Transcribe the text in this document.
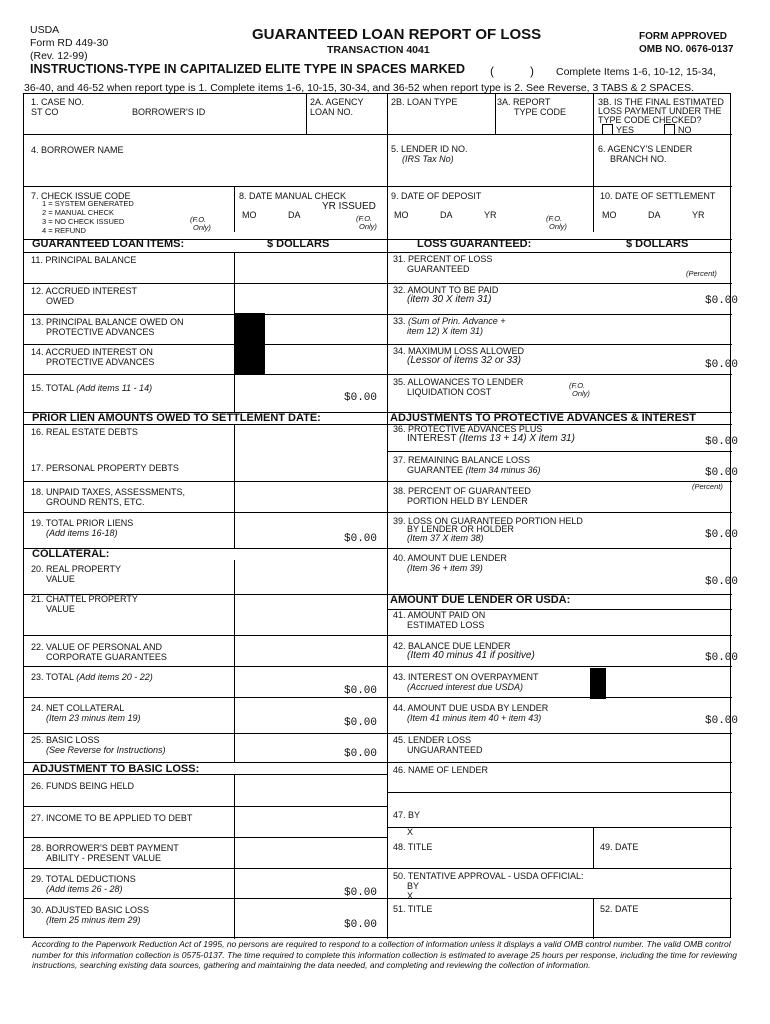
USDA
Form RD 449-30
(Rev. 12-99)
GUARANTEED LOAN REPORT OF LOSS
TRANSACTION 4041
FORM APPROVED
OMB NO. 0676-0137
INSTRUCTIONS-TYPE IN CAPITALIZED ELITE TYPE IN SPACES MARKED (	) Complete Items 1-6, 10-12, 15-34,
36-40, and 46-52 when report type is 1. Complete items 1-6, 10-15, 30-34, and 36-52 when report type is 2. See Reverse, 3 TABS & 2 SPACES.
1. CASE NO.
ST CO	BORROWER'S ID
2A. AGENCY
LOAN NO.
2B. LOAN TYPE	3A. REPORT
TYPE CODE
3B. IS THE FINAL ESTIMATED
LOSS PAYMENT UNDER THE
TYPE CODE CHECKED?
YES	NO
4. BORROWER NAME	5. LENDER ID NO.
(IRS Tax No)
6. AGENCY'S LENDER
BRANCH NO.
7. CHECK ISSUE CODE
1 = SYSTEM GENERATED
2 = MANUAL CHECK
3 = NO CHECK ISSUED
4 = REFUND
(F.O.
Only)
8. DATE MANUAL CHECK
YR ISSUED
MO	DA	(F.O.
Only)
9. DATE OF DEPOSIT
MO	DA	YR	(F.O.
Only)
10. DATE OF SETTLEMENT
MO	DA	YR
GUARANTEED LOAN ITEMS:	$ DOLLARS	LOSS GUARANTEED:	$ DOLLARS
11. PRINCIPAL BALANCE
12. ACCRUED INTEREST
OWED
13. PRINCIPAL BALANCE OWED ON
PROTECTIVE ADVANCES
14. ACCRUED INTEREST ON
PROTECTIVE ADVANCES
15. TOTAL (Add items 11 - 14)
$0.00
PRIOR LIEN AMOUNTS OWED TO SETTLEMENT DATE:
16. REAL ESTATE DEBTS
17. PERSONAL PROPERTY DEBTS
18. UNPAID TAXES, ASSESSMENTS,
GROUND RENTS, ETC.
19. TOTAL PRIOR LIENS
(Add items 16-18)	$0.00
COLLATERAL:
20. REAL PROPERTY
VALUE
21. CHATTEL PROPERTY
VALUE
22. VALUE OF PERSONAL AND
CORPORATE GUARANTEES
23. TOTAL (Add items 20 - 22)
$0.00
24. NET COLLATERAL
(Item 23 minus item 19)	$0.00
25. BASIC LOSS
(See Reverse for Instructions)	$0.00
ADJUSTMENT TO BASIC LOSS:
26. FUNDS BEING HELD
27. INCOME TO BE APPLIED TO DEBT
28. BORROWER'S DEBT PAYMENT
ABILITY - PRESENT VALUE
29. TOTAL DEDUCTIONS
(Add items 26 - 28)	$0.00
30. ADJUSTED BASIC LOSS
(Item 25 minus item 29)	$0.00
31. PERCENT OF LOSS
GUARANTEED	(Percent)
32. AMOUNT TO BE PAID
(item 30 X item 31)	$0.00
33. (Sum of Prin. Advance +
item 12) X item 31)
34. MAXIMUM LOSS ALLOWED
(Lessor of items 32 or 33)	$0.00
35. ALLOWANCES TO LENDER
LIQUIDATION COST
(F.O.
Only)
ADJUSTMENTS TO PROTECTIVE ADVANCES & INTEREST
36. PROTECTIVE ADVANCES PLUS
INTEREST (Items 13 + 14) X item 31)	$0.00
37. REMAINING BALANCE LOSS
GUARANTEE (Item 34 minus 36)	$0.00
38. PERCENT OF GUARANTEED
PORTION HELD BY LENDER
(Percent)
39. LOSS ON GUARANTEED PORTION HELD
BY LENDER OR HOLDER
(Item 37 X item 38)	$0.00
40. AMOUNT DUE LENDER
(Item 36 + item 39)
$0.00
AMOUNT DUE LENDER OR USDA:
41. AMOUNT PAID ON
ESTIMATED LOSS
42. BALANCE DUE LENDER
(Item 40 minus 41 if positive)	$0.00
43. INTEREST ON OVERPAYMENT
(Accrued interest due USDA)
44. AMOUNT DUE USDA BY LENDER
(Item 41 minus item 40 + item 43)	$0.00
45. LENDER LOSS
UNGUARANTEED
46. NAME OF LENDER
47. BY
X
48. TITLE	49. DATE
50. TENTATIVE APPROVAL - USDA OFFICIAL:
BY
X
51. TITLE	52. DATE
According to the Paperwork Reduction Act of 1995, no persons are required to respond to a collection of information unless it displays a valid OMB control number. The valid OMB control number for this information collection is 0575-0137. The time required to complete this information collection is estimated to average 25 hours per response, including the time for reviewing instructions, searching existing data sources, gathering and maintaining the data needed, and completing and reviewing the collection of information.
